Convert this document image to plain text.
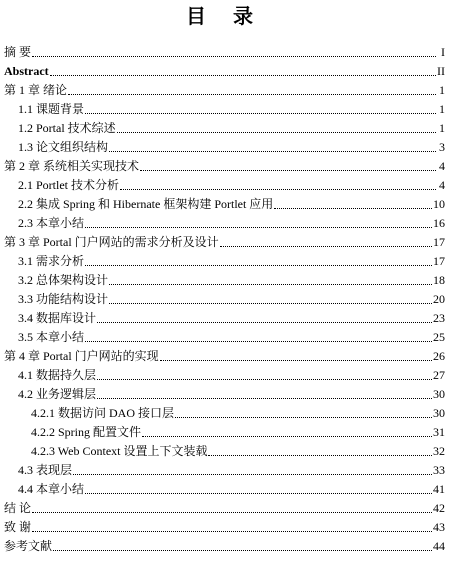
目 录
摘 要	I
Abstract	II
第 1 章 绪论	1
1.1 课题背景	1
1.2 Portal 技术综述	1
1.3 论文组织结构	3
第 2 章 系统相关实现技术	4
2.1 Portlet 技术分析	4
2.2 集成 Spring 和 Hibernate 框架构建 Portlet 应用	10
2.3 本章小结	16
第 3 章 Portal 门户网站的需求分析及设计	17
3.1 需求分析	17
3.2 总体架构设计	18
3.3 功能结构设计	20
3.4 数据库设计	23
3.5 本章小结	25
第 4 章 Portal 门户网站的实现	26
4.1 数据持久层	27
4.2 业务逻辑层	30
4.2.1 数据访问 DAO 接口层	30
4.2.2 Spring 配置文件	31
4.2.3 Web Context 设置上下文装载	32
4.3 表现层	33
4.4 本章小结	41
结 论	42
致 谢	43
参考文献	44
